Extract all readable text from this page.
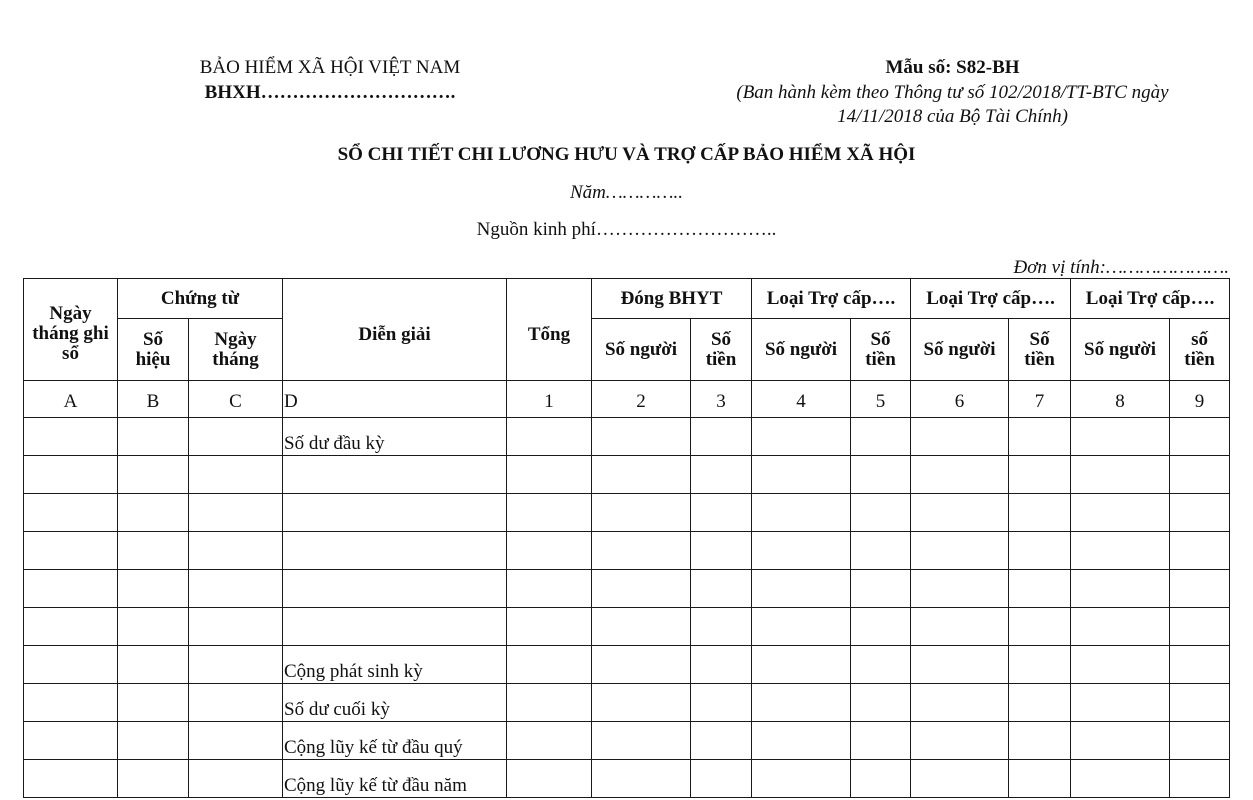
BẢO HIỂM XÃ HỘI VIỆT NAM
BHXH………………………….
Mẫu số: S82-BH
(Ban hành kèm theo Thông tư số 102/2018/TT-BTC ngày
14/11/2018 của Bộ Tài Chính)
SỔ CHI TIẾT CHI LƯƠNG HƯU VÀ TRỢ CẤP BẢO HIỂM XÃ HỘI
Năm…………..
Nguồn kinh phí………………………..
Đơn vị tính:………………….
Ngày tháng ghi sổ	Chứng từ		Diễn giải	Tổng	Đóng BHYT		Loại Trợ cấp….		Loại Trợ cấp….		Loại Trợ cấp….	
	Số hiệu	Ngày tháng			Số người	Số tiền	Số người	Số tiền	Số người	Số tiền	Số người	số tiền
A	B	C	D	1	2	3	4	5	6	7	8	9
			Số dư đầu kỳ									

			Cộng phát sinh kỳ									
			Số dư cuối kỳ									
			Cộng lũy kế từ đầu quý									
			Cộng lũy kế từ đầu năm									
